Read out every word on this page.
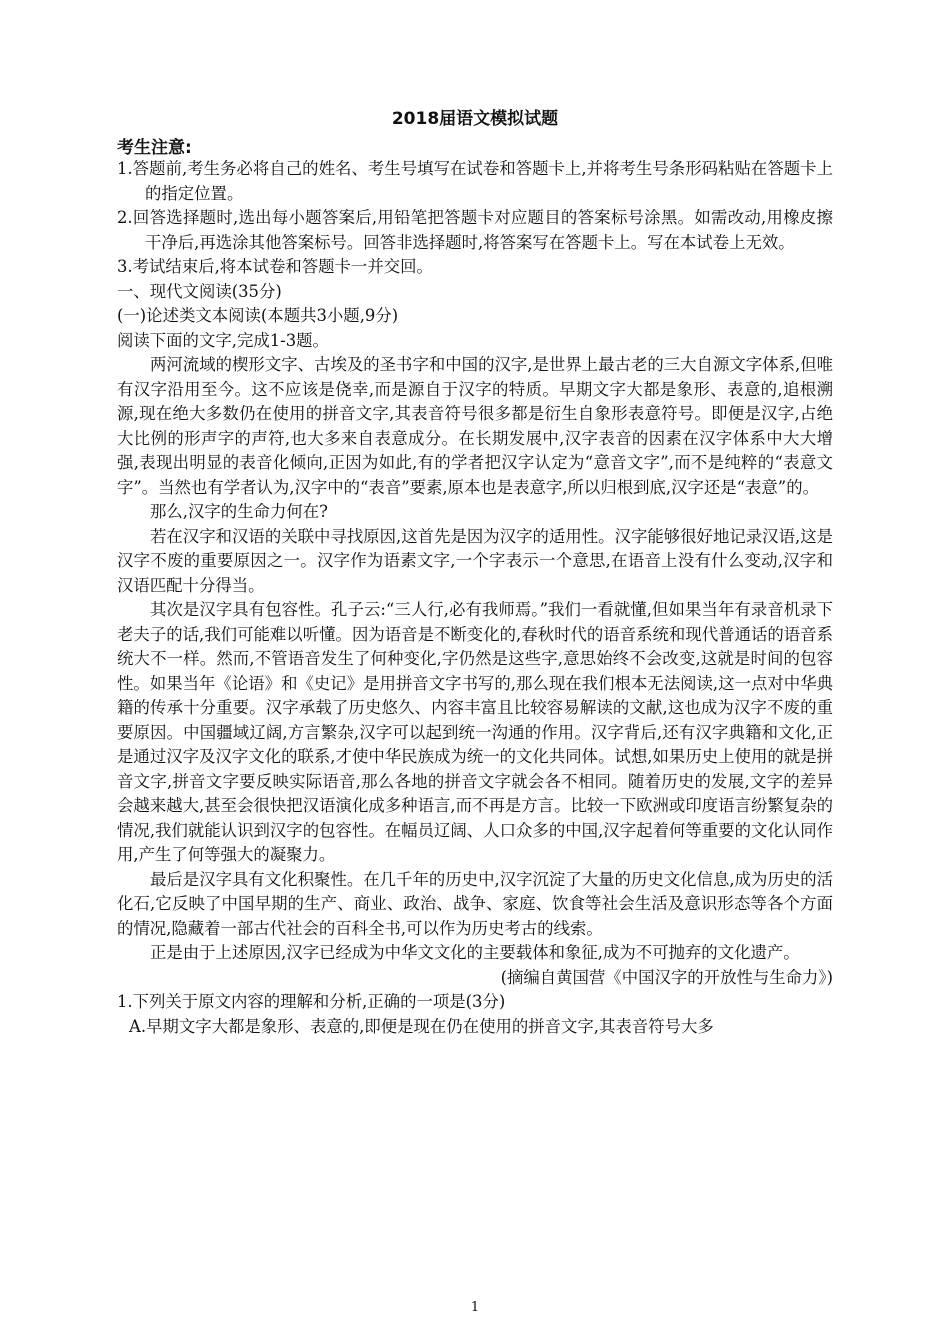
2018届语文模拟试题
考生注意:

1.答题前,考生务必将自己的姓名、考生号填写在试卷和答题卡上,并将考生号条形码粘贴在答题卡上的指定位置。

2.回答选择题时,选出每小题答案后,用铅笔把答题卡对应题目的答案标号涂黑。如需改动,用橡皮擦干净后,再选涂其他答案标号。回答非选择题时,将答案写在答题卡上。写在本试卷上无效。

3.考试结束后,将本试卷和答题卡一并交回。

一、现代文阅读(35分)

(一)论述类文本阅读(本题共3小题,9分)

阅读下面的文字,完成1-3题。

两河流域的楔形文字、古埃及的圣书字和中国的汉字,是世界上最古老的三大自源文字体系,但唯有汉字沿用至今。这不应该是侥幸,而是源自于汉字的特质。早期文字大都是象形、表意的,追根溯源,现在绝大多数仍在使用的拼音文字,其表音符号很多都是衍生自象形表意符号。即便是汉字,占绝大比例的形声字的声符,也大多来自表意成分。在长期发展中,汉字表音的因素在汉字体系中大大增强,表现出明显的表音化倾向,正因为如此,有的学者把汉字认定为“意音文字”,而不是纯粹的“表意文字”。当然也有学者认为,汉字中的“表音”要素,原本也是表意字,所以归根到底,汉字还是“表意”的。

那么,汉字的生命力何在?

若在汉字和汉语的关联中寻找原因,这首先是因为汉字的适用性。汉字能够很好地记录汉语,这是汉字不废的重要原因之一。汉字作为语素文字,一个字表示一个意思,在语音上没有什么变动,汉字和汉语匹配十分得当。

其次是汉字具有包容性。孔子云:“三人行,必有我师焉。”我们一看就懂,但如果当年有录音机录下老夫子的话,我们可能难以听懂。因为语音是不断变化的,春秋时代的语音系统和现代普通话的语音系统大不一样。然而,不管语音发生了何种变化,字仍然是这些字,意思始终不会改变,这就是时间的包容性。如果当年《论语》和《史记》是用拼音文字书写的,那么现在我们根本无法阅读,这一点对中华典籍的传承十分重要。汉字承载了历史悠久、内容丰富且比较容易解读的文献,这也成为汉字不废的重要原因。中国疆域辽阔,方言繁杂,汉字可以起到统一沟通的作用。汉字背后,还有汉字典籍和文化,正是通过汉字及汉字文化的联系,才使中华民族成为统一的文化共同体。试想,如果历史上使用的就是拼音文字,拼音文字要反映实际语音,那么各地的拼音文字就会各不相同。随着历史的发展,文字的差异会越来越大,甚至会很快把汉语演化成多种语言,而不再是方言。比较一下欧洲或印度语言纷繁复杂的情况,我们就能认识到汉字的包容性。在幅员辽阔、人口众多的中国,汉字起着何等重要的文化认同作用,产生了何等强大的凝聚力。

最后是汉字具有文化积聚性。在几千年的历史中,汉字沉淀了大量的历史文化信息,成为历史的活化石,它反映了中国早期的生产、商业、政治、战争、家庭、饮食等社会生活及意识形态等各个方面的情况,隐藏着一部古代社会的百科全书,可以作为历史考古的线索。

正是由于上述原因,汉字已经成为中华文文化的主要载体和象征,成为不可抛弃的文化遗产。

(摘编自黄国营《中国汉字的开放性与生命力》)

1.下列关于原文内容的理解和分析,正确的一项是(3分)

A.早期文字大都是象形、表意的,即便是现在仍在使用的拼音文字,其表音符号大多

1
